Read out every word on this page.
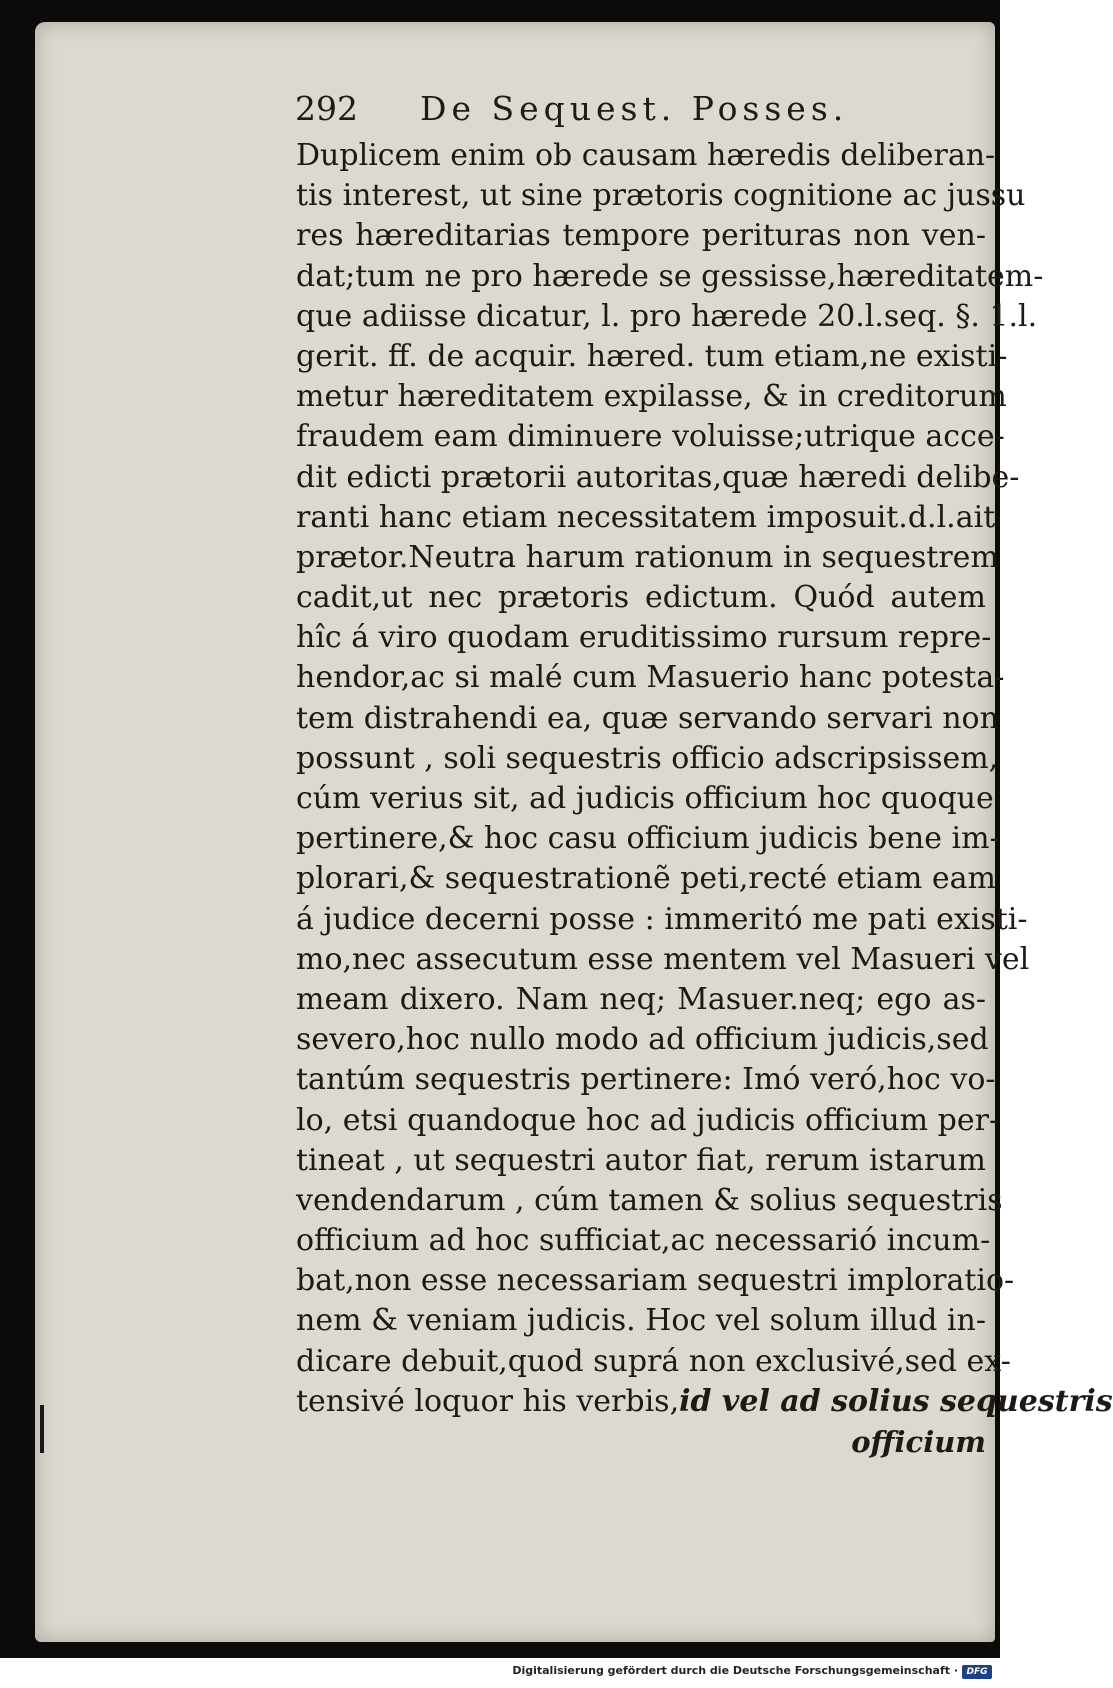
292 De Sequest. Posses.
Duplicem enim ob causam hæredis deliberan-
tis interest, ut sine prætoris cognitione ac jussu
res hæreditarias tempore perituras non ven-
dat;tum ne pro hærede se gessisse,hæreditatem-
que adiisse dicatur, l. pro hærede 20.l.seq. §. 1.l.
gerit. ff. de acquir. hæred. tum etiam,ne existi-
metur hæreditatem expilasse, & in creditorum
fraudem eam diminuere voluisse;utrique acce-
dit edicti prætorii autoritas,quæ hæredi delibe-
ranti hanc etiam necessitatem imposuit.d.l.ait
prætor.Neutra harum rationum in sequestrem
cadit,ut nec prætoris edictum. Quód autem
hîc á viro quodam eruditissimo rursum repre-
hendor,ac si malé cum Masuerio hanc potesta-
tem distrahendi ea, quæ servando servari non
possunt , soli sequestris officio adscripsissem,
cúm verius sit, ad judicis officium hoc quoque
pertinere,& hoc casu officium judicis bene im-
plorari,& sequestrationẽ peti,recté etiam eam
á judice decerni posse : immeritó me pati existi-
mo,nec assecutum esse mentem vel Masueri vel
meam dixero. Nam neq; Masuer.neq; ego as-
severo,hoc nullo modo ad officium judicis,sed
tantúm sequestris pertinere: Imó veró,hoc vo-
lo, etsi quandoque hoc ad judicis officium per-
tineat , ut sequestri autor fiat, rerum istarum
vendendarum , cúm tamen & solius sequestris
officium ad hoc sufficiat,ac necessarió incum-
bat,non esse necessariam sequestri imploratio-
nem & veniam judicis. Hoc vel solum illud in-
dicare debuit,quod suprá non exclusivé,sed ex-
tensivé loquor his verbis,id vel ad solius sequestris
officium
Digitalisierung gefördert durch die Deutsche Forschungsgemeinschaft · DFG
